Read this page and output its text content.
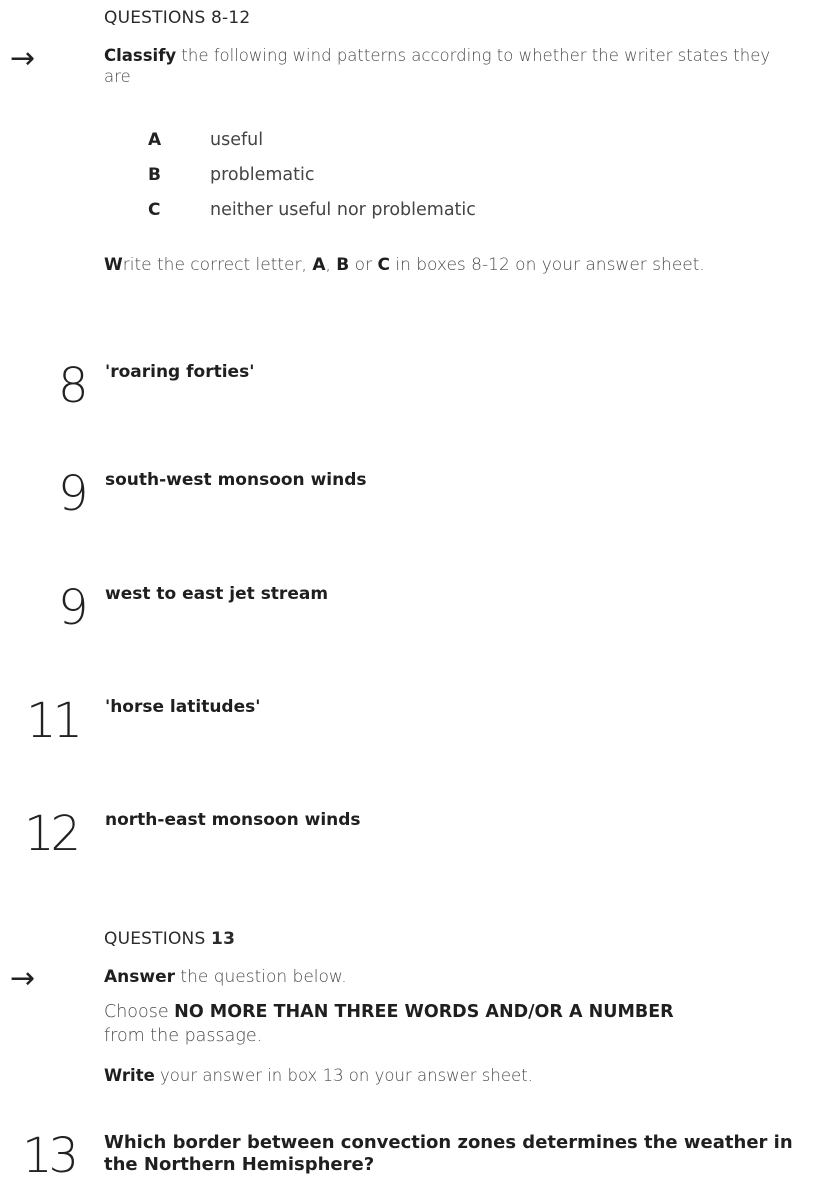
QUESTIONS 8-12
→	Classify the following wind patterns according to whether the writer states they are
A	useful
B	problematic
C	neither useful nor problematic
Write the correct letter, A, B or C in boxes 8-12 on your answer sheet.
8 'roaring forties'
9 south-west monsoon winds
9 west to east jet stream
11 'horse latitudes'
12 north-east monsoon winds
QUESTIONS 13
→	Answer the question below.
Choose NO MORE THAN THREE WORDS AND/OR A NUMBER
from the passage.
Write your answer in box 13 on your answer sheet.
13 Which border between convection zones determines the weather in the Northern Hemisphere?
